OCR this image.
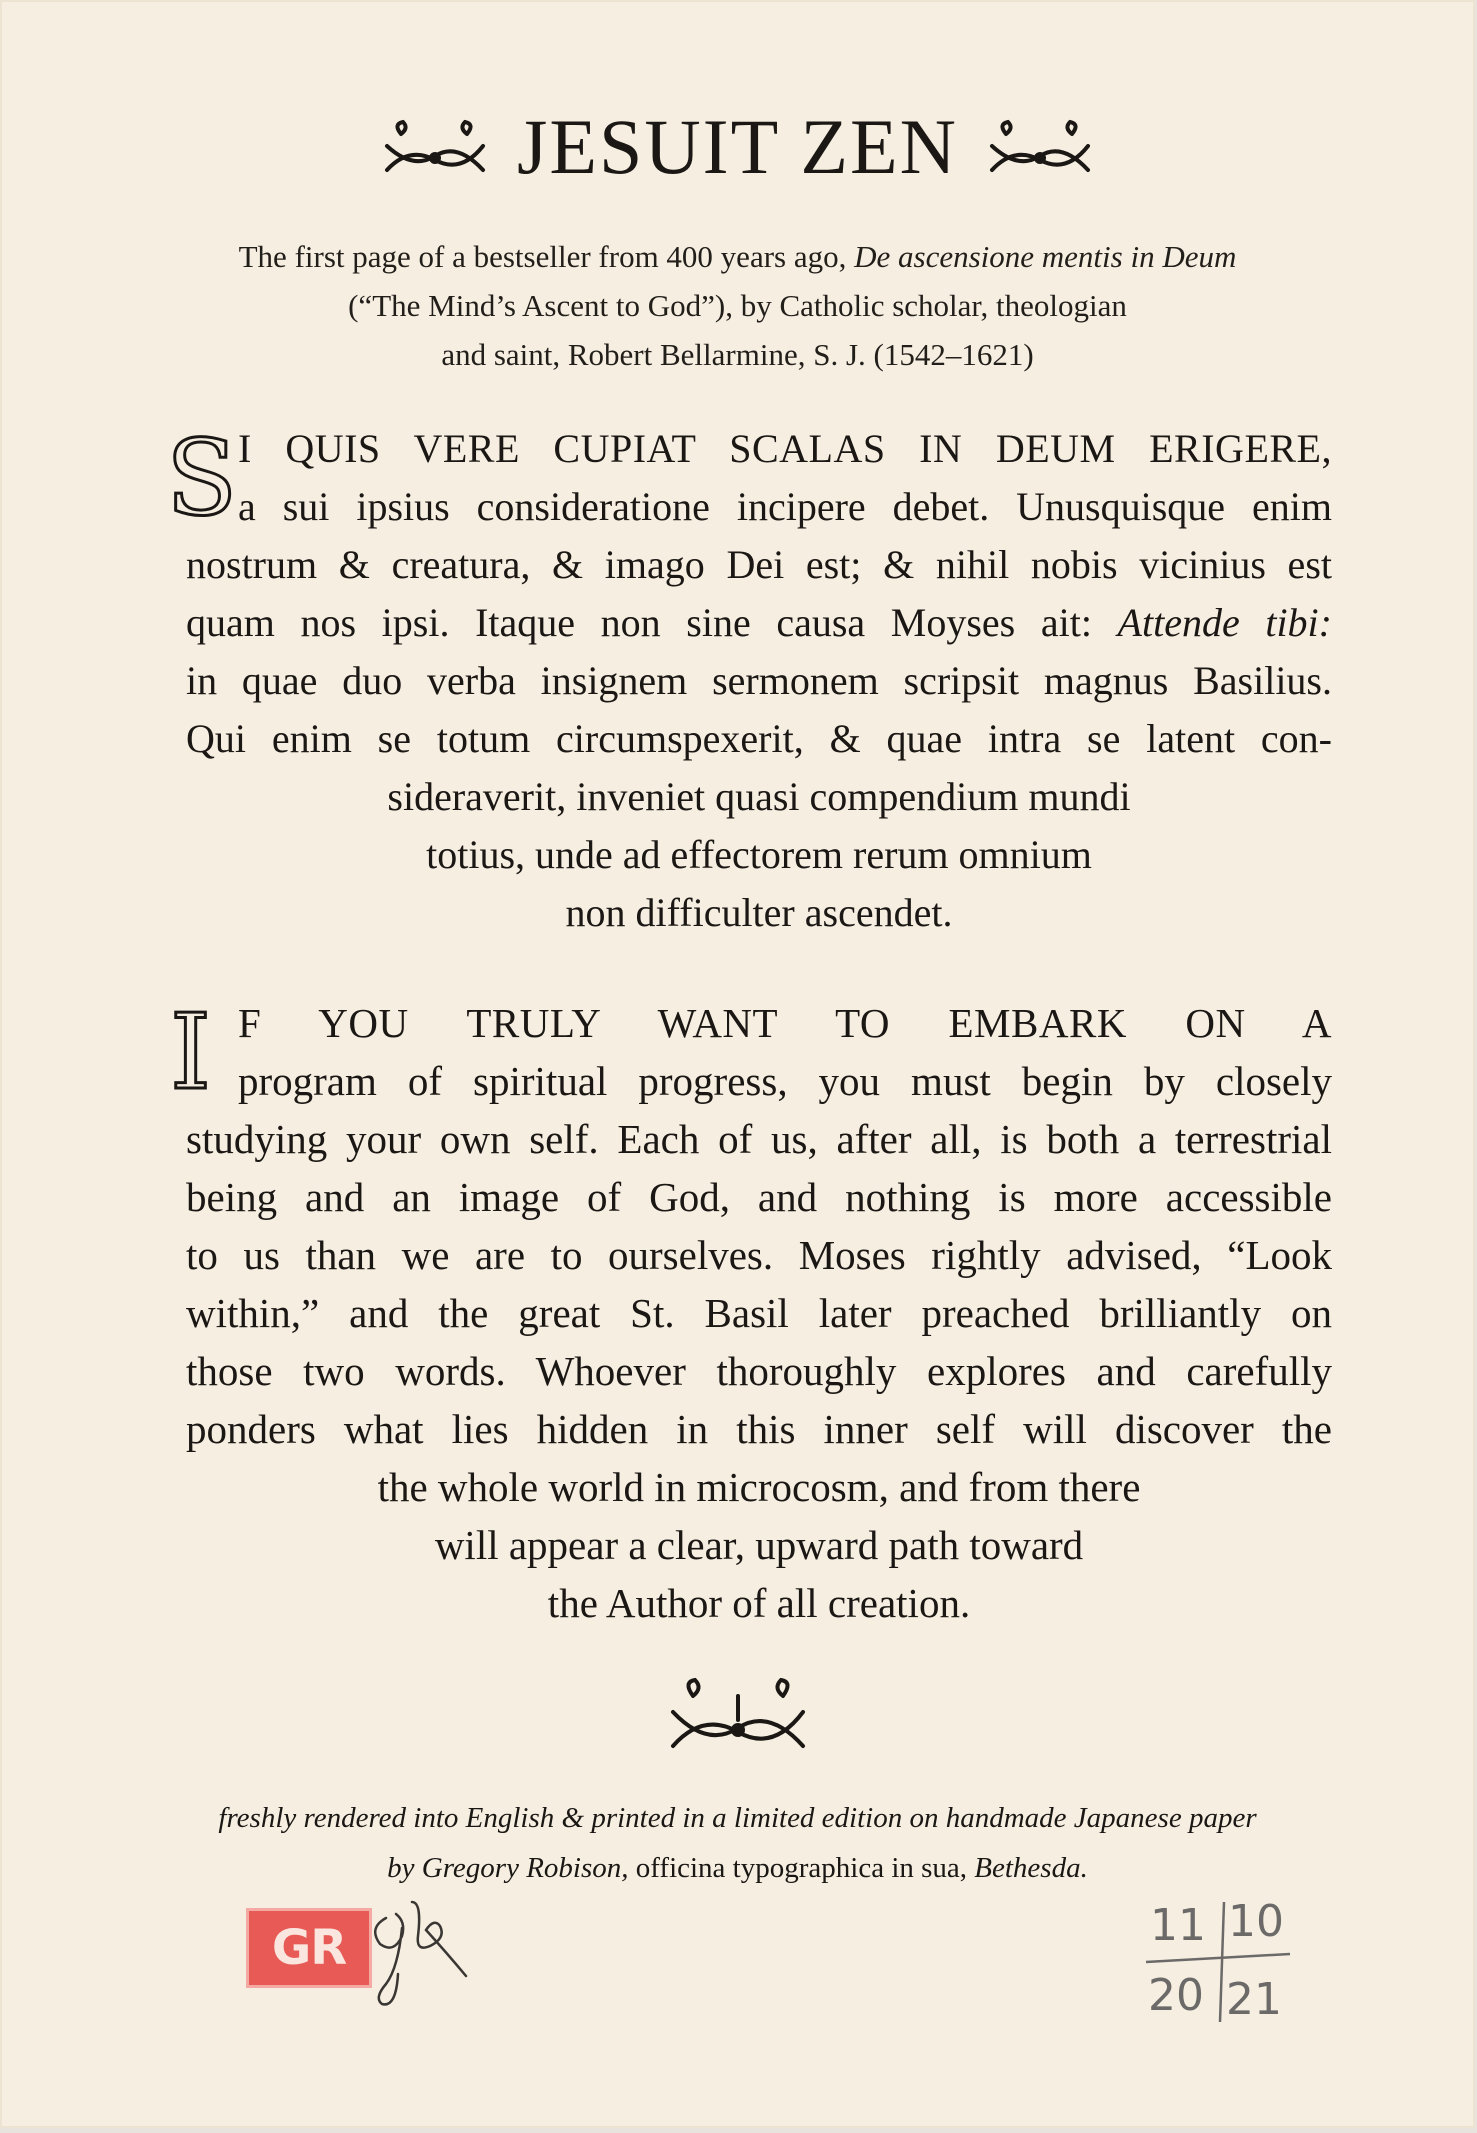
JESUIT ZEN
The first page of a bestseller from 400 years ago, De ascensione mentis in Deum
(“The Mind’s Ascent to God”), by Catholic scholar, theologian
and saint, Robert Bellarmine, S. J. (1542–1621)
S I QUIS VERE CUPIAT SCALAS IN DEUM ERIGERE,
a sui ipsius consideratione incipere debet. Unusquisque enim
nostrum & creatura, & imago Dei est; & nihil nobis vicinius est
quam nos ipsi. Itaque non sine causa Moyses ait: Attende tibi:
in quae duo verba insignem sermonem scripsit magnus Basilius.
Qui enim se totum circumspexerit, & quae intra se latent con-
sideraverit, inveniet quasi compendium mundi
totius, unde ad effectorem rerum omnium
non difficulter ascendet.
I F YOU TRULY WANT TO EMBARK ON A
program of spiritual progress, you must begin by closely
studying your own self. Each of us, after all, is both a terrestrial
being and an image of God, and nothing is more accessible
to us than we are to ourselves. Moses rightly advised, “Look
within,” and the great St. Basil later preached brilliantly on
those two words. Whoever thoroughly explores and carefully
ponders what lies hidden in this inner self will discover the
the whole world in microcosm, and from there
will appear a clear, upward path toward
the Author of all creation.
freshly rendered into English & printed in a limited edition on handmade Japanese paper
by Gregory Robison, officina typographica in sua, Bethesda.
GR	11 10
20 21
